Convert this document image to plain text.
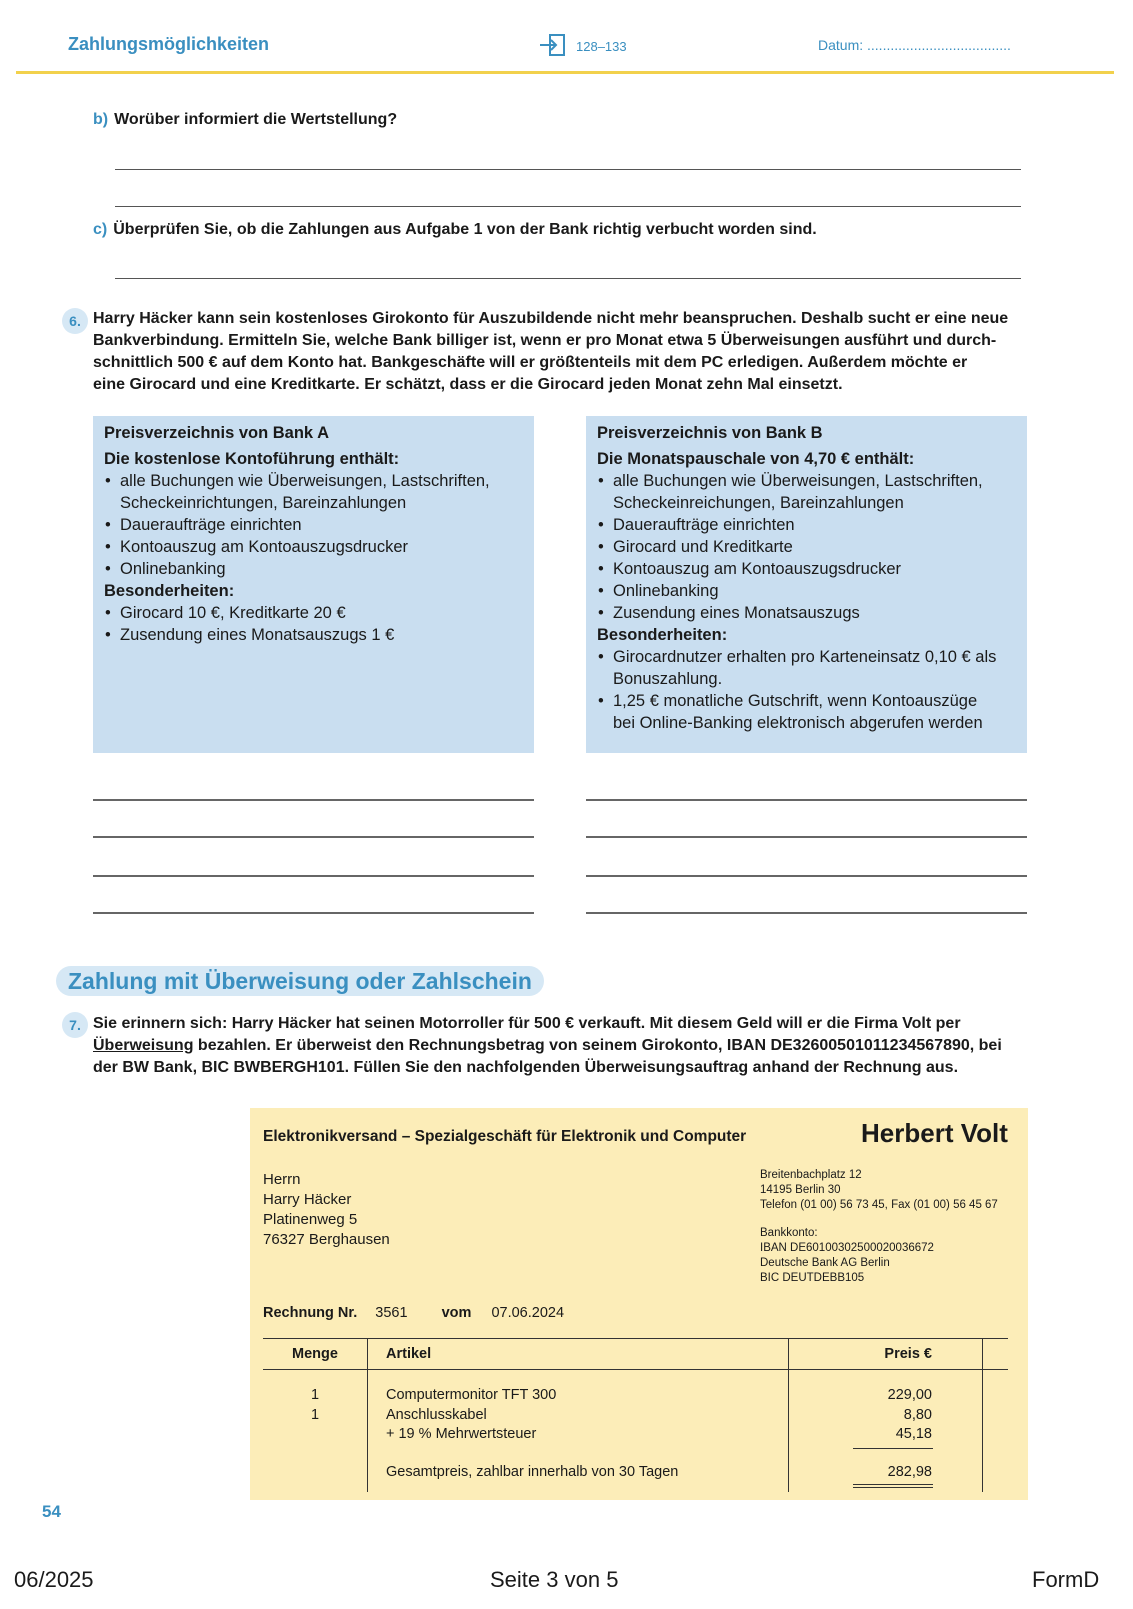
Zahlungsmöglichkeiten	128–133	Datum: .....................................
b) Worüber informiert die Wertstellung?
c) Überprüfen Sie, ob die Zahlungen aus Aufgabe 1 von der Bank richtig verbucht worden sind.
6. Harry Häcker kann sein kostenloses Girokonto für Auszubildende nicht mehr beanspruchen. Deshalb sucht er eine neue
Bankverbindung. Ermitteln Sie, welche Bank billiger ist, wenn er pro Monat etwa 5 Überweisungen ausführt und durch-
schnittlich 500 € auf dem Konto hat. Bankgeschäfte will er größtenteils mit dem PC erledigen. Außerdem möchte er
eine Girocard und eine Kreditkarte. Er schätzt, dass er die Girocard jeden Monat zehn Mal einsetzt.
Preisverzeichnis von Bank A

Die kostenlose Kontoführung enthält:

• alle Buchungen wie Überweisungen, Lastschriften,
Scheckeinrichtungen, Bareinzahlungen
• Daueraufträge einrichten
• Kontoauszug am Kontoauszugsdrucker
• Onlinebanking

Besonderheiten:

• Girocard 10 €, Kreditkarte 20 €
• Zusendung eines Monatsauszugs 1 €
Preisverzeichnis von Bank B

Die Monatspauschale von 4,70 € enthält:

• alle Buchungen wie Überweisungen, Lastschriften,
Scheckeinreichungen, Bareinzahlungen
• Daueraufträge einrichten
• Girocard und Kreditkarte
• Kontoauszug am Kontoauszugsdrucker
• Onlinebanking
• Zusendung eines Monatsauszugs

Besonderheiten:

• Girocardnutzer erhalten pro Karteneinsatz 0,10 € als
Bonuszahlung.
• 1,25 € monatliche Gutschrift, wenn Kontoauszüge
bei Online-Banking elektronisch abgerufen werden
Zahlung mit Überweisung oder Zahlschein
7. Sie erinnern sich: Harry Häcker hat seinen Motorroller für 500 € verkauft. Mit diesem Geld will er die Firma Volt per
Überweisung bezahlen. Er überweist den Rechnungsbetrag von seinem Girokonto, IBAN DE32600501011234567890, bei
der BW Bank, BIC BWBERGH101. Füllen Sie den nachfolgenden Überweisungsauftrag anhand der Rechnung aus.
Elektronikversand – Spezialgeschäft für Elektronik und Computer	Herbert Volt
Herrn
Harry Häcker
Platinenweg 5
76327 Berghausen
Breitenbachplatz 12
14195 Berlin 30
Telefon (01 00) 56 73 45, Fax (01 00) 56 45 67
Bankkonto:
IBAN DE60100302500020036672
Deutsche Bank AG Berlin
BIC DEUTDEBB105
Rechnung Nr. 3561 vom 07.06.2024
Menge	Artikel	Preis €
1	Computermonitor TFT 300	229,00
1	Anschlusskabel	8,80
+ 19 % Mehrwertsteuer	45,18
Gesamtpreis, zahlbar innerhalb von 30 Tagen	282,98
54
06/2025	Seite 3 von 5	FormD
